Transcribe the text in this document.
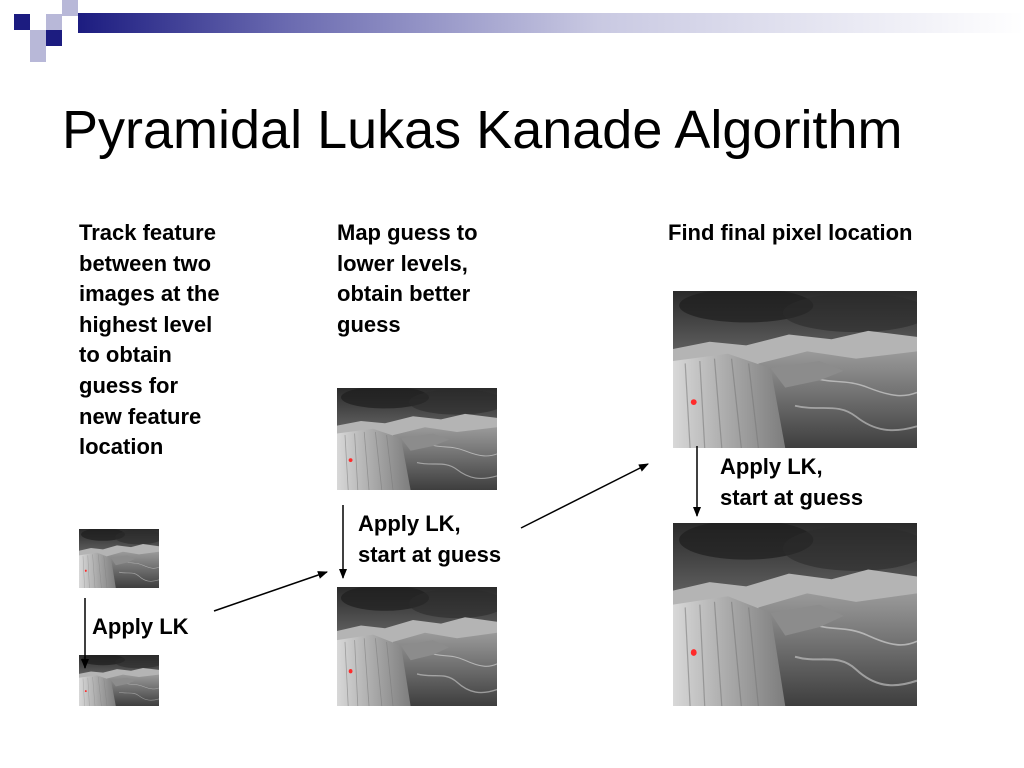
Pyramidal Lukas Kanade Algorithm
Track feature
between two
images at the
highest level
to obtain
guess for
new feature
location
Map guess to
lower levels,
obtain better
guess
Find final pixel location
Apply LK
Apply LK,
start at guess
Apply LK,
start at guess
